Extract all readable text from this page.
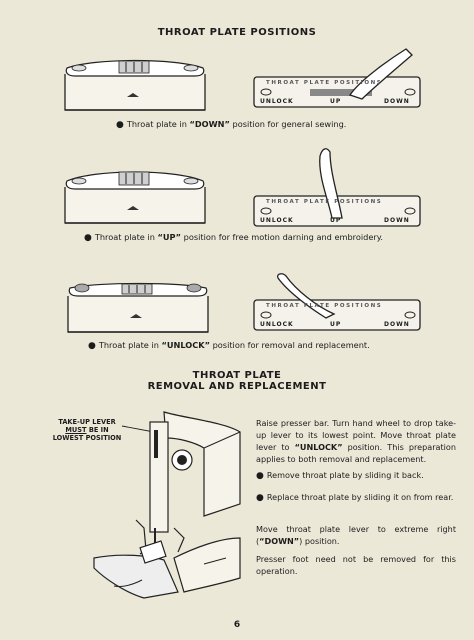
THROAT PLATE POSITIONS
THROAT PLATE POSITIONS
UNLOCK	UP	DOWN
● Throat plate in “DOWN” position for general sewing.
THROAT PLATE POSITIONS
UNLOCK	UP	DOWN
● Throat plate in “UP” position for free motion darning and embroidery.
THROAT PLATE POSITIONS
UNLOCK	UP	DOWN
● Throat plate in “UNLOCK” position for removal and replacement.
THROAT PLATE
REMOVAL AND REPLACEMENT
TAKE-UP LEVER
MUST BE IN
LOWEST POSITION
Raise presser bar. Turn hand wheel to drop take-up lever to its lowest point. Move throat plate lever to “UNLOCK” position. This preparation applies to both removal and replacement.
● Remove throat plate by sliding it back.
● Replace throat plate by sliding it on from rear.
Move throat plate lever to extreme right (“DOWN”) position.
Presser foot need not be removed for this operation.
6
